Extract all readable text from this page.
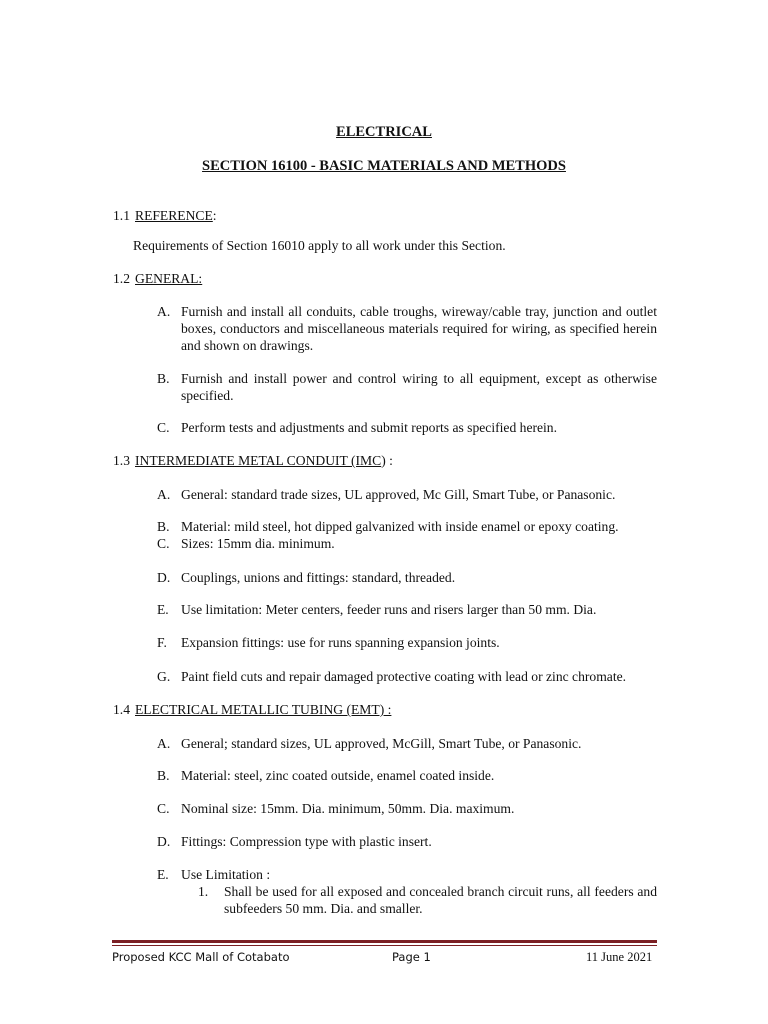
ELECTRICAL
SECTION 16100 - BASIC MATERIALS AND METHODS
1.1 REFERENCE:
Requirements of Section 16010 apply to all work under this Section.
1.2 GENERAL:
A. Furnish and install all conduits, cable troughs, wireway/cable tray, junction and outlet boxes, conductors and miscellaneous materials required for wiring, as specified herein and shown on drawings.
B. Furnish and install power and control wiring to all equipment, except as otherwise specified.
C. Perform tests and adjustments and submit reports as specified herein.
1.3 INTERMEDIATE METAL CONDUIT (IMC) :
A. General: standard trade sizes, UL approved, Mc Gill, Smart Tube, or Panasonic.
B. Material: mild steel, hot dipped galvanized with inside enamel or epoxy coating.
C. Sizes: 15mm dia. minimum.
D. Couplings, unions and fittings: standard, threaded.
E. Use limitation: Meter centers, feeder runs and risers larger than 50 mm. Dia.
F.	Expansion fittings: use for runs spanning expansion joints.
G. Paint field cuts and repair damaged protective coating with lead or zinc chromate.
1.4 ELECTRICAL METALLIC TUBING (EMT) :
A. General; standard sizes, UL approved, McGill, Smart Tube, or Panasonic.
B. Material: steel, zinc coated outside, enamel coated inside.
C. Nominal size: 15mm. Dia. minimum, 50mm. Dia. maximum.
D. Fittings: Compression type with plastic insert.
E. Use Limitation :
1.	Shall be used for all exposed and concealed branch circuit runs, all feeders and subfeeders 50 mm. Dia. and smaller.
Proposed KCC Mall of Cotabato	Page 1	11 June 2021
